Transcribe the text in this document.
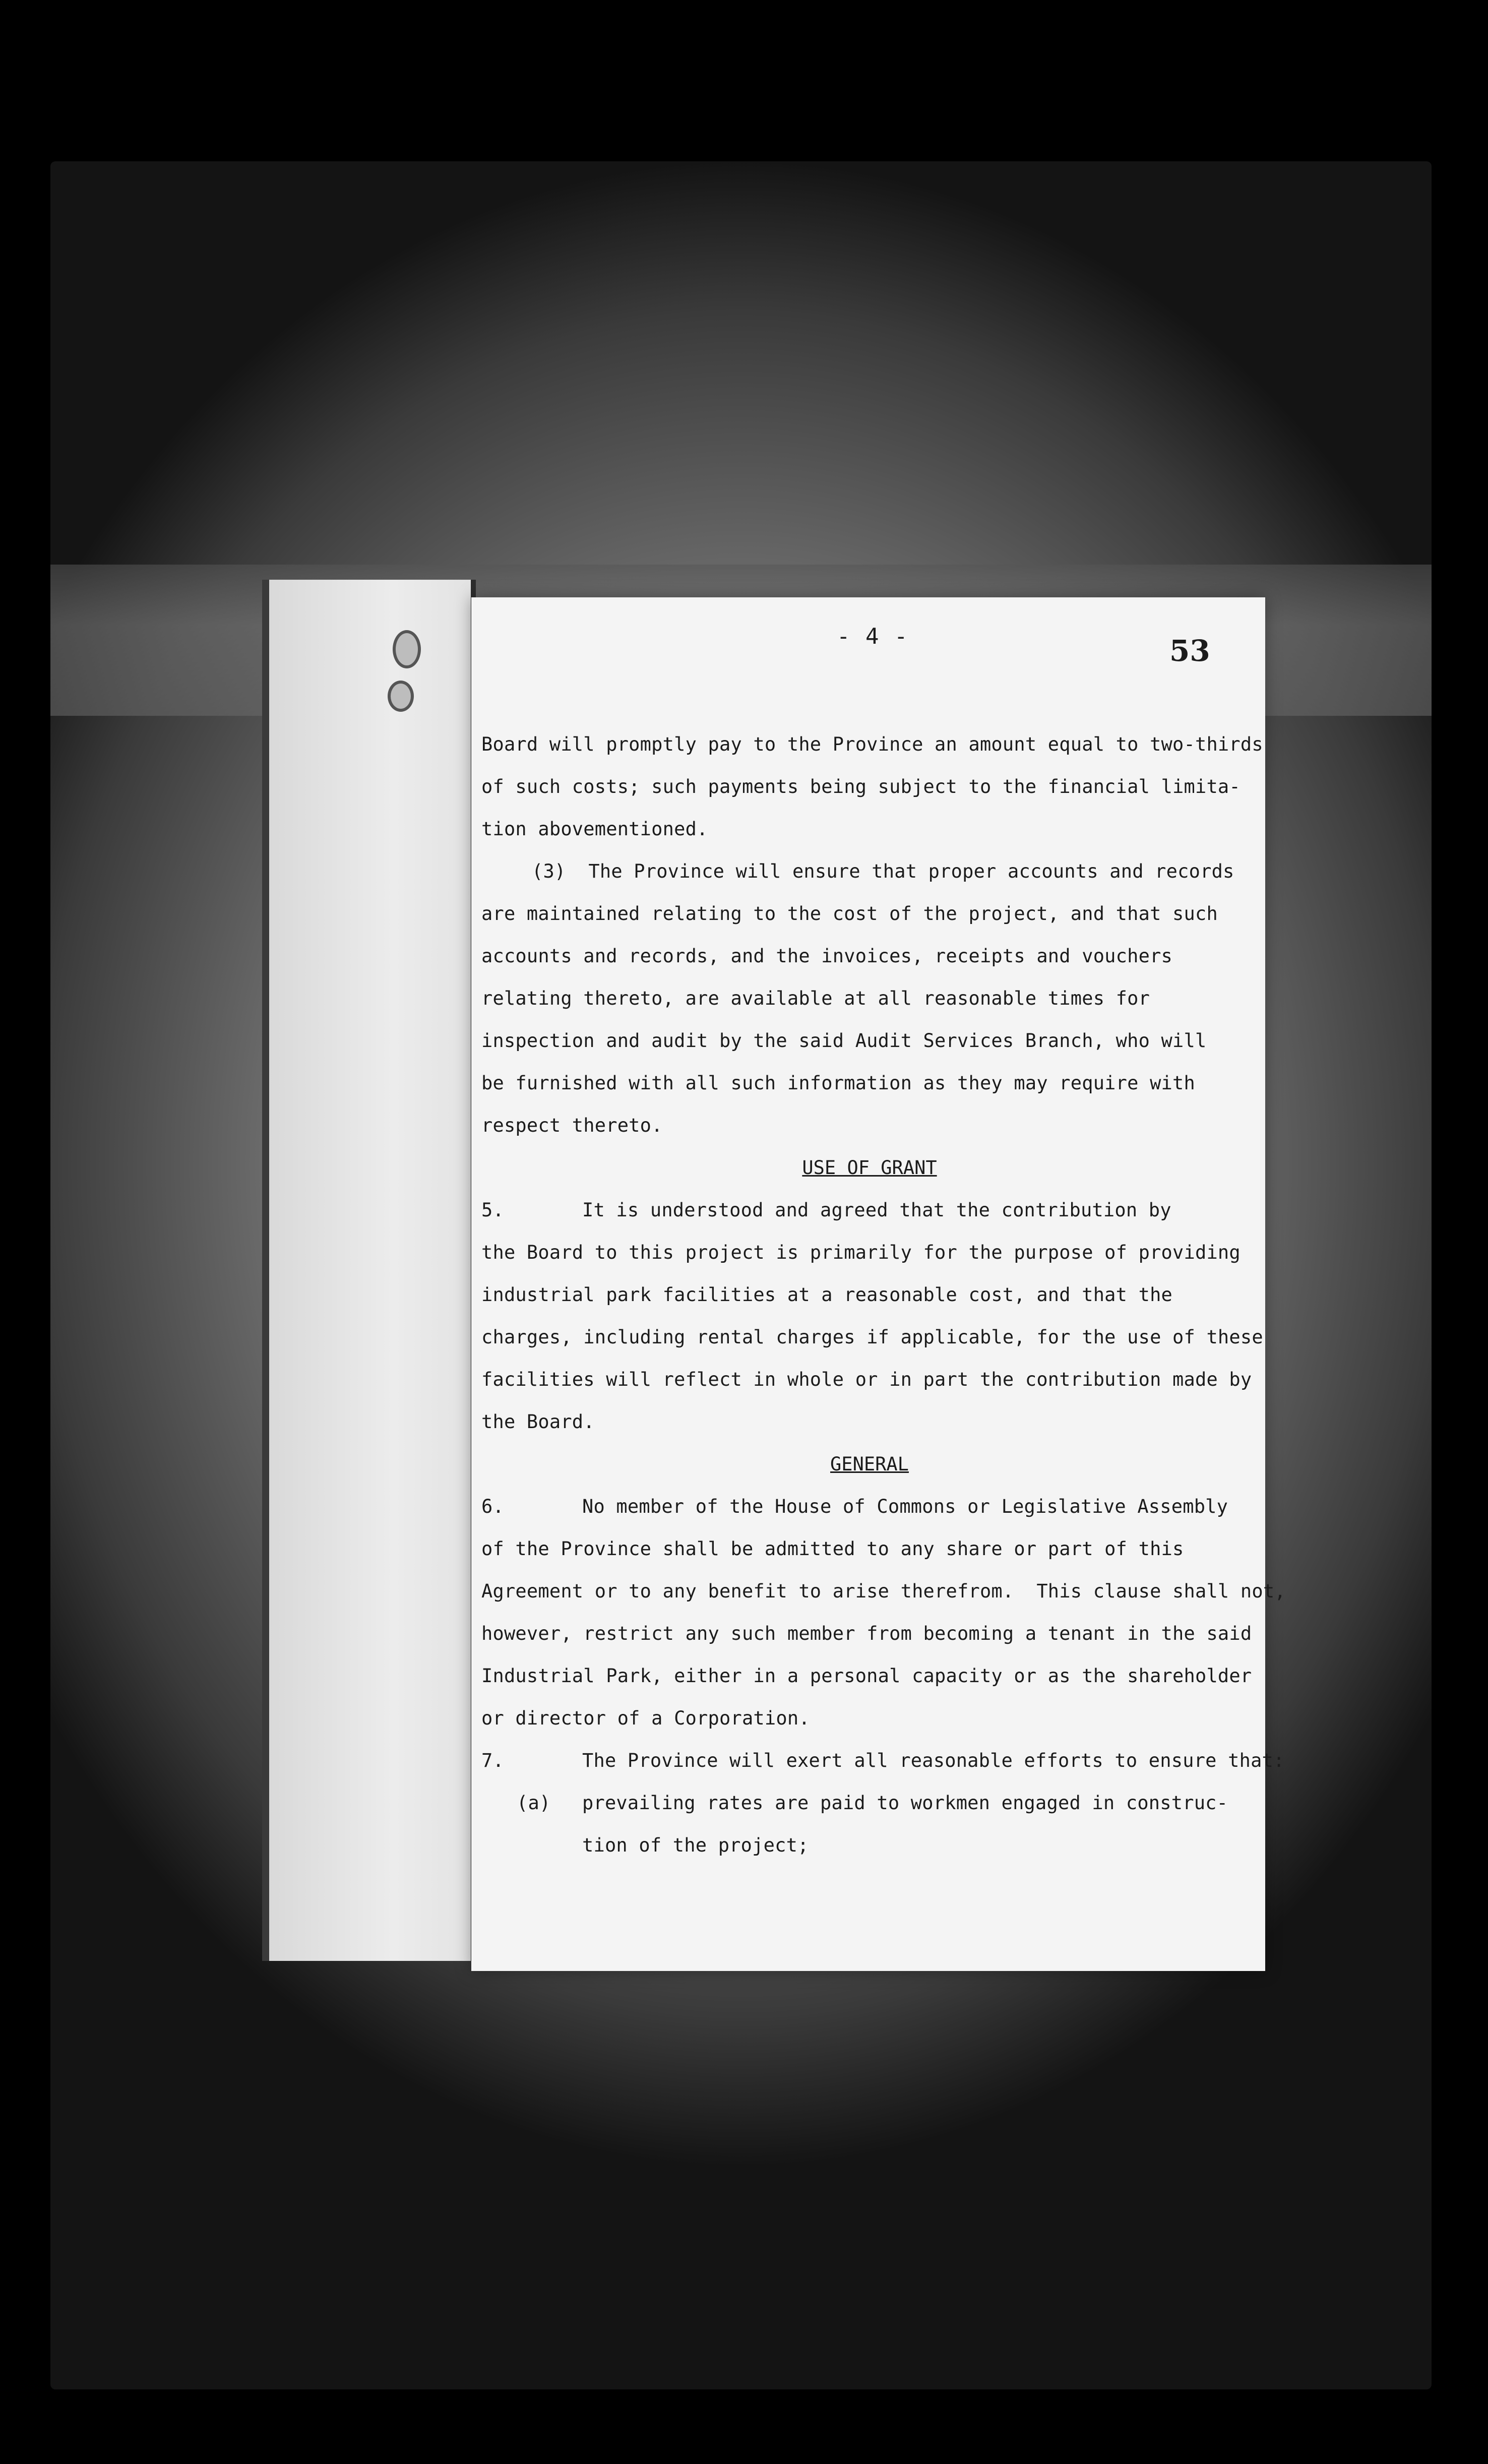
- 4 -	53
Board will promptly pay to the Province an amount equal to two-thirds
of such costs; such payments being subject to the financial limita-
tion abovementioned.
(3) The Province will ensure that proper accounts and records
are maintained relating to the cost of the project, and that such
accounts and records, and the invoices, receipts and vouchers
relating thereto, are available at all reasonable times for
inspection and audit by the said Audit Services Branch, who will
be furnished with all such information as they may require with
respect thereto.
USE OF GRANT
5.	It is understood and agreed that the contribution by
the Board to this project is primarily for the purpose of providing
industrial park facilities at a reasonable cost, and that the
charges, including rental charges if applicable, for the use of these
facilities will reflect in whole or in part the contribution made by
the Board.
GENERAL
6.	No member of the House of Commons or Legislative Assembly
of the Province shall be admitted to any share or part of this
Agreement or to any benefit to arise therefrom.  This clause shall not,
however, restrict any such member from becoming a tenant in the said
Industrial Park, either in a personal capacity or as the shareholder
or director of a Corporation.
7.	The Province will exert all reasonable efforts to ensure that:
(a) prevailing rates are paid to workmen engaged in construc-
tion of the project;
